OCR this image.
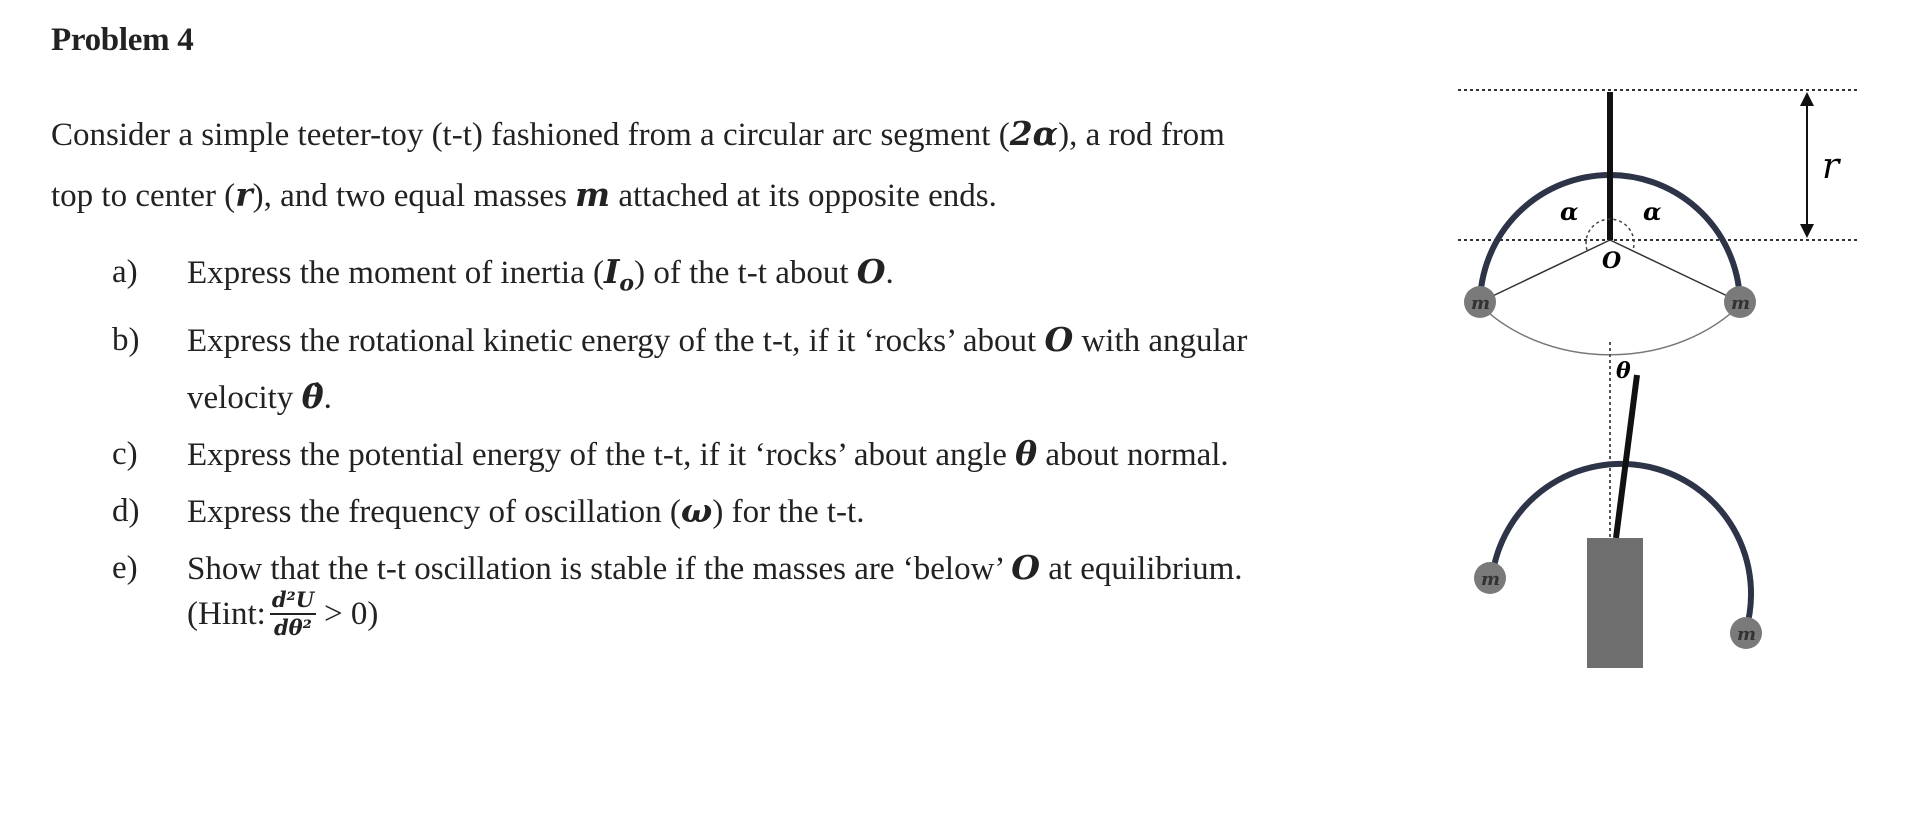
Problem 4
Consider a simple teeter-toy (t-t) fashioned from a circular arc segment (2α), a rod from
top to center (r), and two equal masses m attached at its opposite ends.
a) Express the moment of inertia $(I_o)$ of the t-t about O.
b) Express the rotational kinetic energy of the t-t, if it ‘rocks’ about O with angular
velocity θ̇.
c) Express the potential energy of the t-t, if it ‘rocks’ about angle θ about normal.
d) Express the frequency of oscillation (ω) for the t-t.
e) Show that the t-t oscillation is stable if the masses are ‘below’ O at equilibrium.
(Hint: $\frac{\text{d²U}}{\text{dθ²}} > 0$)
r
α	α
O
m	m
θ
m
m
